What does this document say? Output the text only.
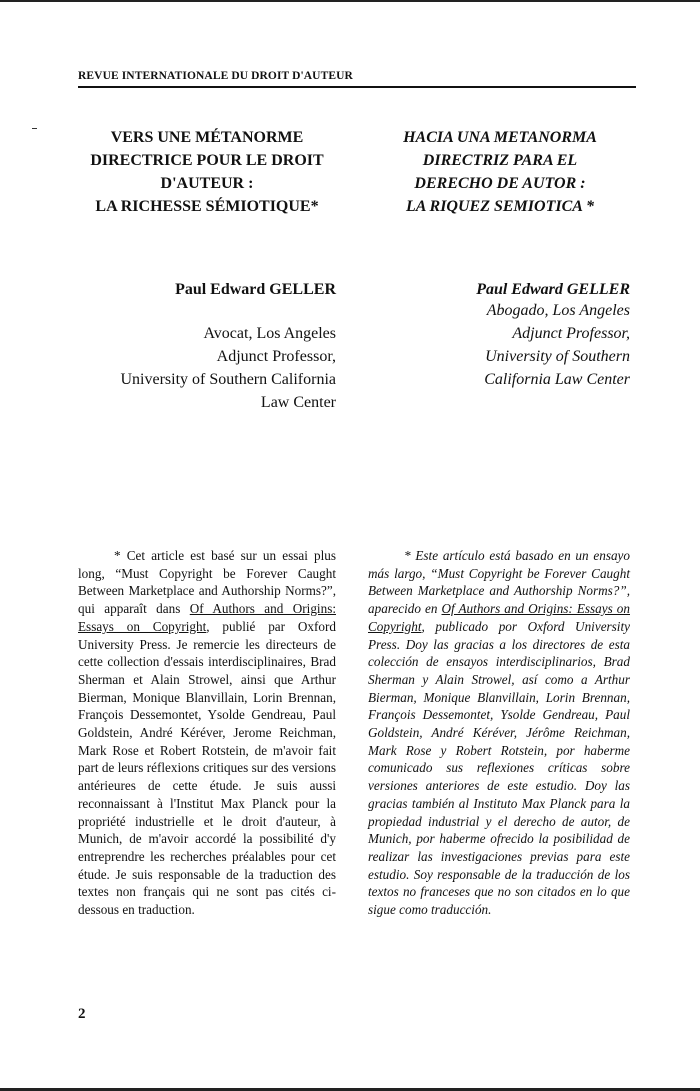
REVUE INTERNATIONALE DU DROIT D'AUTEUR
VERS UNE MÉTANORME
DIRECTRICE POUR LE DROIT
D'AUTEUR :
LA RICHESSE SÉMIOTIQUE*
HACIA UNA METANORMA
DIRECTRIZ PARA EL
DERECHO DE AUTOR :
LA RIQUEZ SEMIOTICA *

Paul Edward GELLER	Paul Edward GELLER

Avocat, Los Angeles
Adjunct Professor,
University of Southern California
Law Center

Abogado, Los Angeles
Adjunct Professor,
University of Southern
California Law Center

* Cet article est basé sur un essai plus long, “Must Copyright be Forever Caught Between Marketplace and Authorship Norms?”, qui apparaît dans Of Authors and Origins: Essays on Copyright, publié par Oxford University Press. Je remercie les directeurs de cette collection d'essais interdisciplinaires, Brad Sherman et Alain Strowel, ainsi que Arthur Bierman, Monique Blanvillain, Lorin Brennan, François Dessemontet, Ysolde Gendreau, Paul Goldstein, André Kéréver, Jerome Reichman, Mark Rose et Robert Rotstein, de m'avoir fait part de leurs réflexions critiques sur des versions antérieures de cette étude. Je suis aussi reconnaissant à l'Institut Max Planck pour la propriété industrielle et le droit d'auteur, à Munich, de m'avoir accordé la possibilité d'y entreprendre les recherches préalables pour cet étude. Je suis responsable de la traduction des textes non français qui ne sont pas cités ci-dessous en traduction.

* Este artículo está basado en un ensayo más largo, “Must Copyright be Forever Caught Between Marketplace and Authorship Norms?”, aparecido en Of Authors and Origins: Essays on Copyright, publicado por Oxford University Press. Doy las gracias a los directores de esta colección de ensayos interdisciplinarios, Brad Sherman y Alain Strowel, así como a Arthur Bierman, Monique Blanvillain, Lorin Brennan, François Dessemontet, Ysolde Gendreau, Paul Goldstein, André Kéréver, Jérôme Reichman, Mark Rose y Robert Rotstein, por haberme comunicado sus reflexiones críticas sobre versiones anteriores de este estudio. Doy las gracias también al Instituto Max Planck para la propiedad industrial y el derecho de autor, de Munich, por haberme ofrecido la posibilidad de realizar las investigaciones previas para este estudio. Soy responsable de la traducción de los textos no franceses que no son citados en lo que sigue como traducción.

2
